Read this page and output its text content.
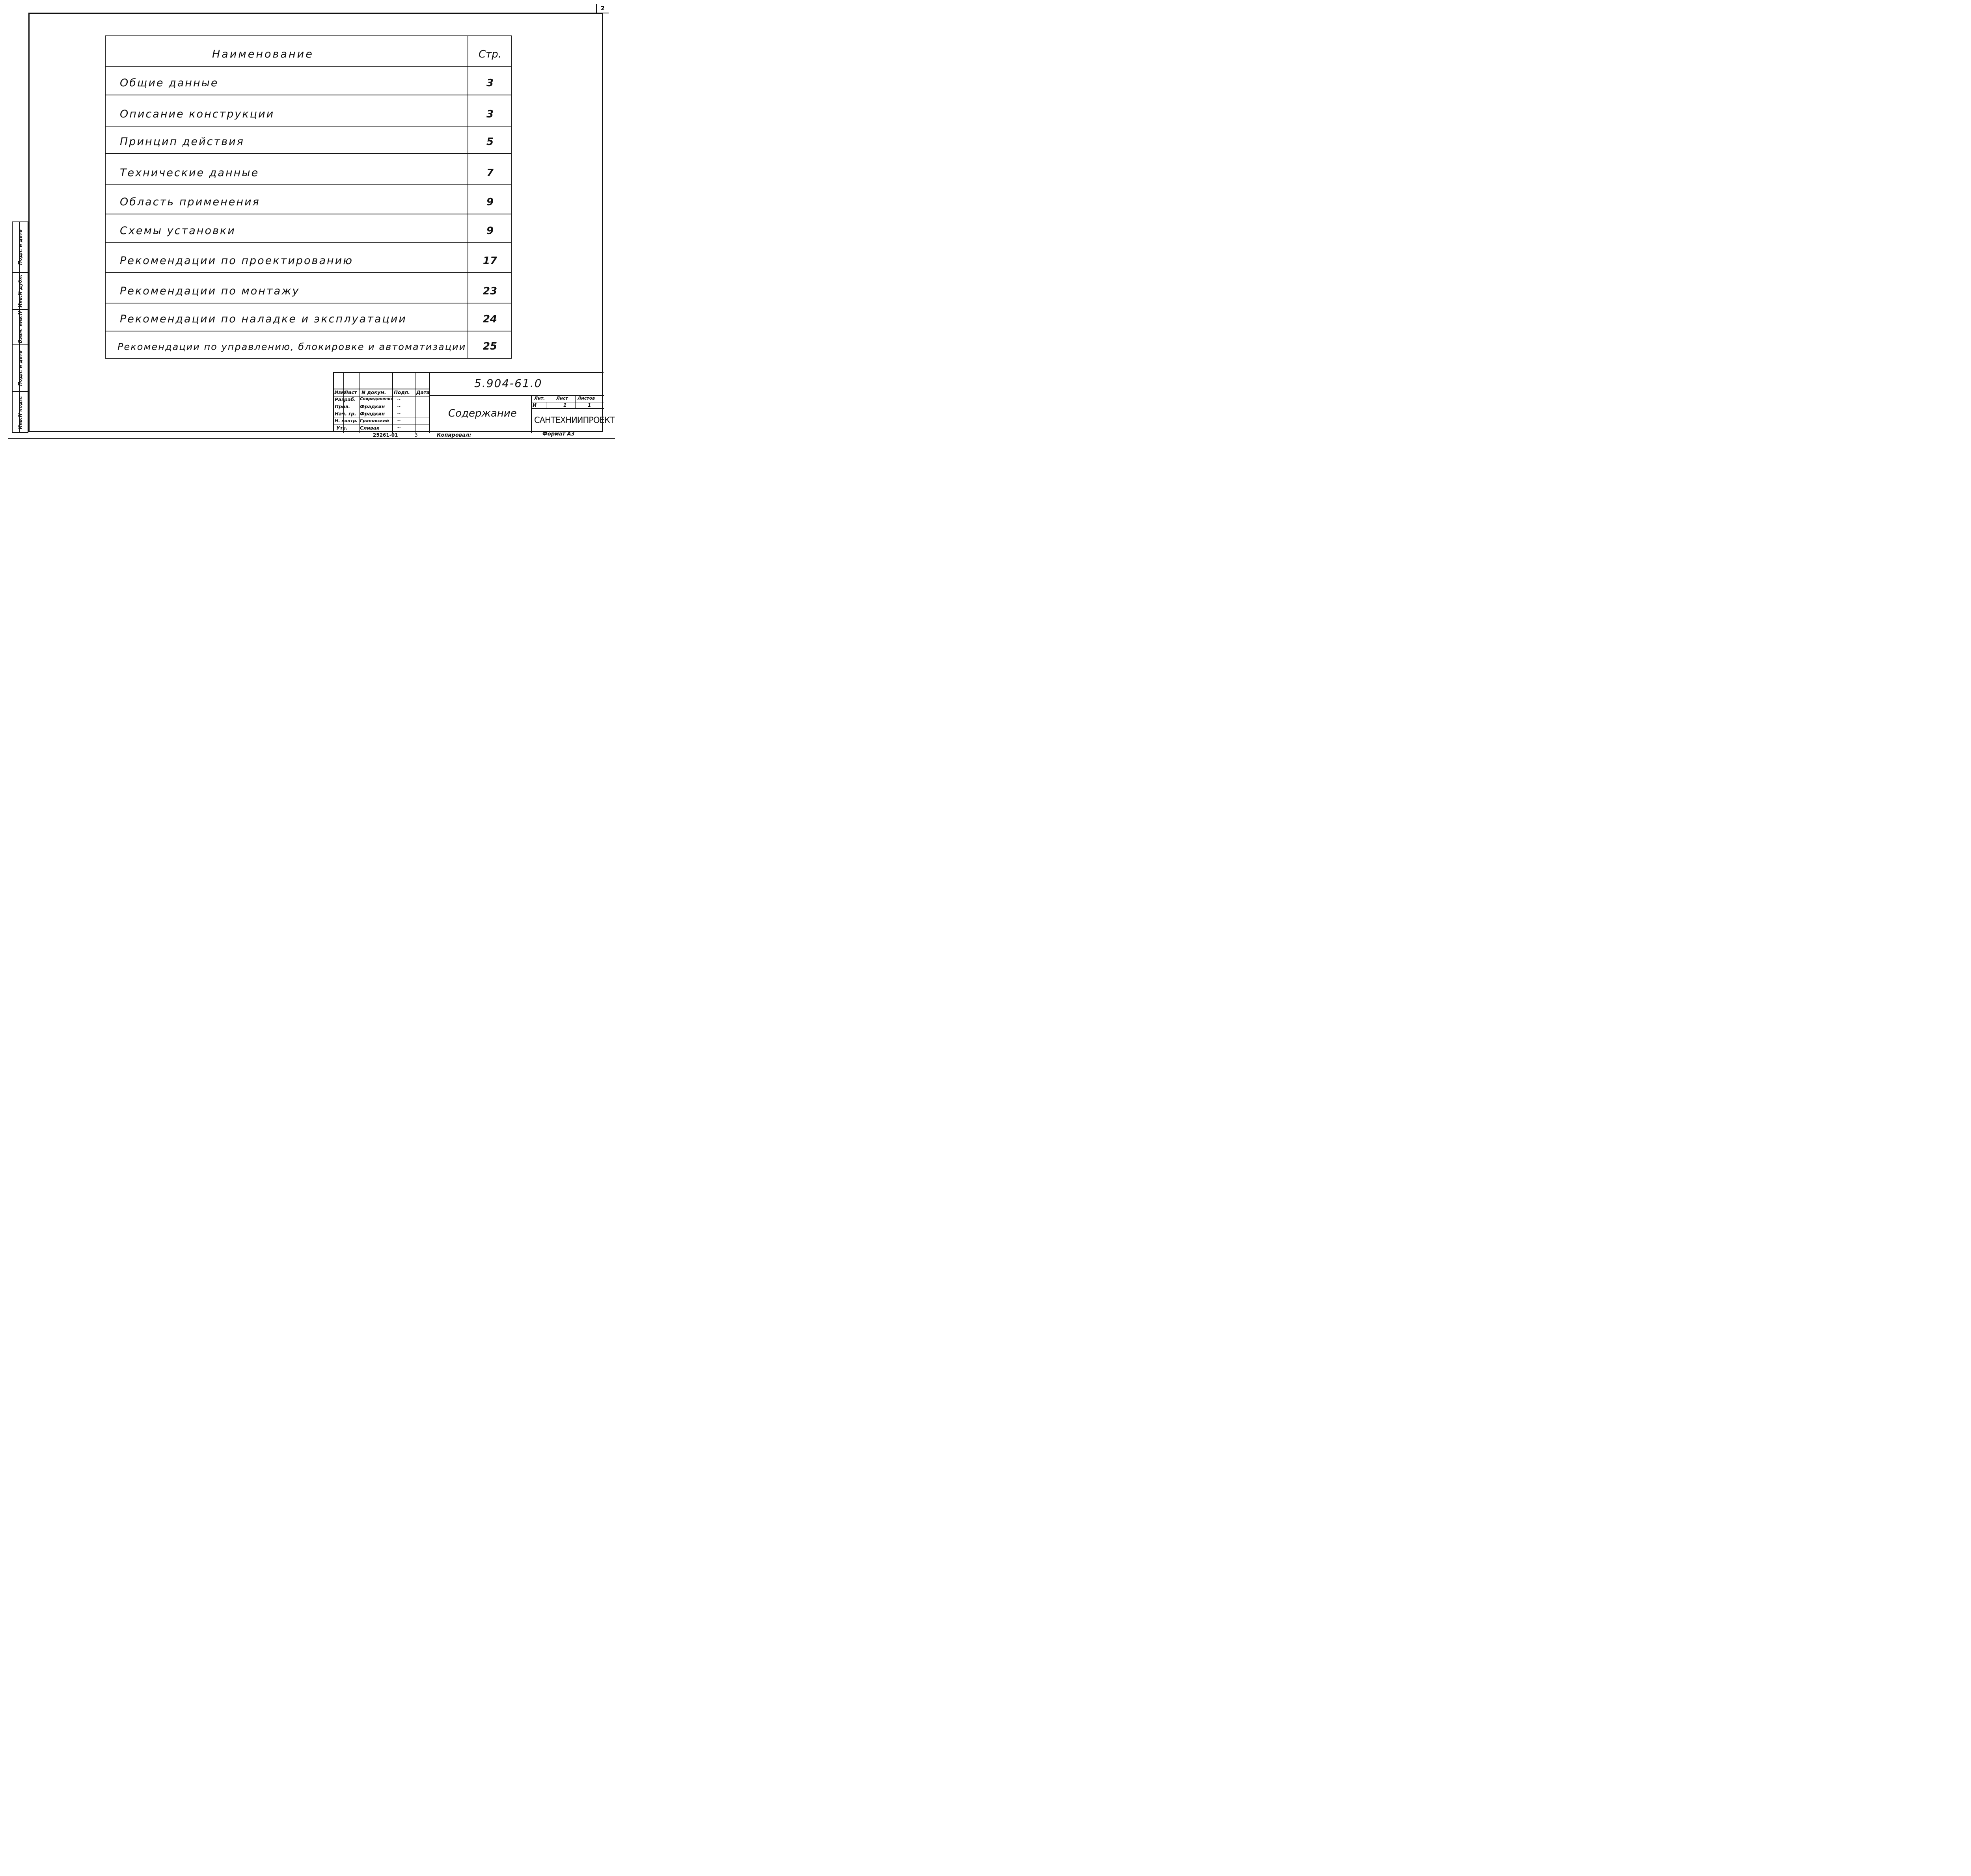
2
Наименование	Стр.
Общие данные	3
Описание конструкции	3
Принцип действия	5
Технические данные	7
Область применения	9
Схемы установки	9
Рекомендации по проектированию	17
Рекомендации по монтажу	23
Рекомендации по наладке и эксплуатации	24
Рекомендации по управлению, блокировке и автоматизации	25
Подп. и дата
Инв.N дубл.
Взам. инв.N
Подп. и дата
Инв.N подл.
Изм
Лист N докум. Подп. Дата
Разраб. Спиридоненко
Пров. Фрадкин
Нач. гр. Фрадкин
Н. контр. Грановский
Утв.	Сливак
~
~
~
~
~
5.904-61.0
Содержание
Лит.	Лист Листов
И	1	1
САНТЕХНИИПРОЕКТ
25261-01	3	Копировал:	Формат А3
